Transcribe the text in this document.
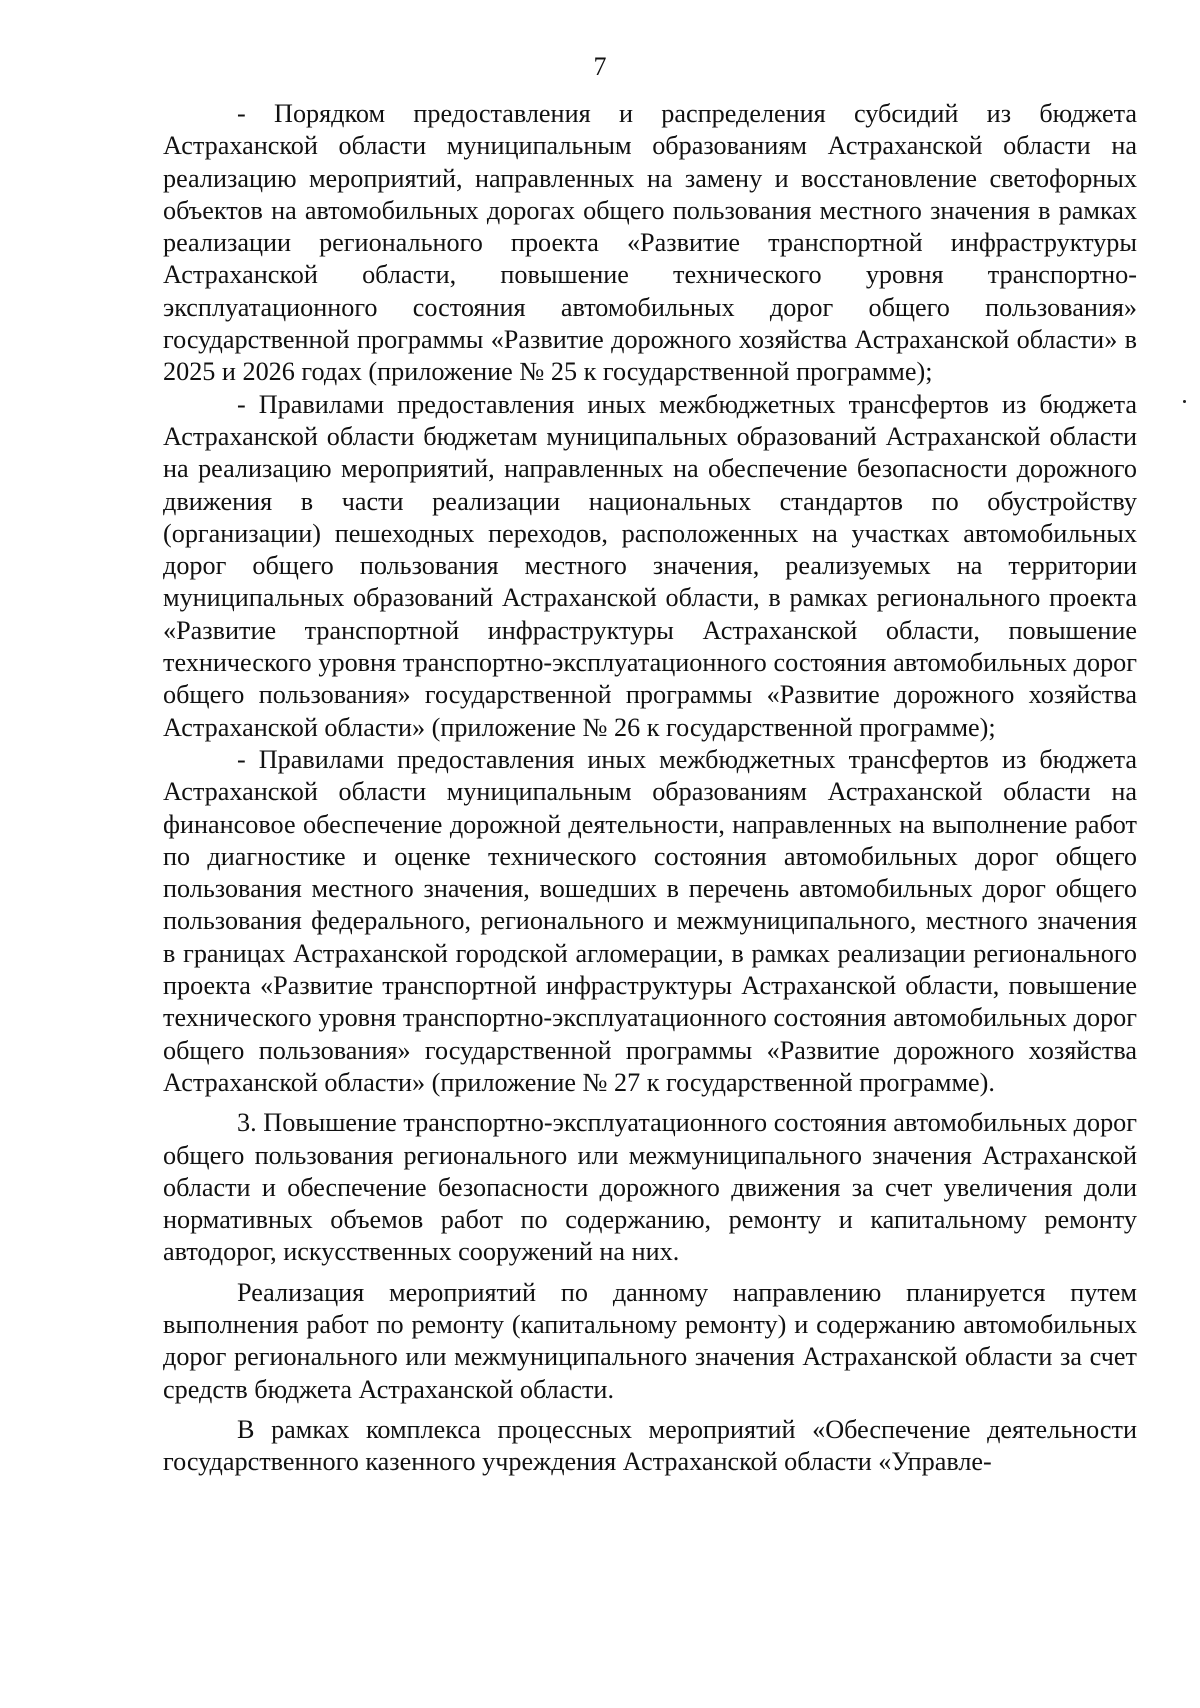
7

- Порядком предоставления и распределения субсидий из бюджета Астраханской области муниципальным образованиям Астраханской области на реализацию мероприятий, направленных на замену и восстановление светофорных объектов на автомобильных дорогах общего пользования местного значения в рамках реализации регионального проекта «Развитие транспортной инфраструктуры Астраханской области, повышение технического уровня транспортно-эксплуатационного состояния автомобильных дорог общего пользования» государственной программы «Развитие дорожного хозяйства Астраханской области» в 2025 и 2026 годах (приложение № 25 к государственной программе);

- Правилами предоставления иных межбюджетных трансфертов из бюджета Астраханской области бюджетам муниципальных образований Астраханской области на реализацию мероприятий, направленных на обеспечение безопасности дорожного движения в части реализации национальных стандартов по обустройству (организации) пешеходных переходов, расположенных на участках автомобильных дорог общего пользования местного значения, реализуемых на территории муниципальных образований Астраханской области, в рамках регионального проекта «Развитие транспортной инфраструктуры Астраханской области, повышение технического уровня транспортно-эксплуатационного состояния автомобильных дорог общего пользования» государственной программы «Развитие дорожного хозяйства Астраханской области» (приложение № 26 к государственной программе);

- Правилами предоставления иных межбюджетных трансфертов из бюджета Астраханской области муниципальным образованиям Астраханской области на финансовое обеспечение дорожной деятельности, направленных на выполнение работ по диагностике и оценке технического состояния автомобильных дорог общего пользования местного значения, вошедших в перечень автомобильных дорог общего пользования федерального, регионального и межмуниципального, местного значения в границах Астраханской городской агломерации, в рамках реализации регионального проекта «Развитие транспортной инфраструктуры Астраханской области, повышение технического уровня транспортно-эксплуатационного состояния автомобильных дорог общего пользования» государственной программы «Развитие дорожного хозяйства Астраханской области» (приложение № 27 к государственной программе).

3. Повышение транспортно-эксплуатационного состояния автомобильных дорог общего пользования регионального или межмуниципального значения Астраханской области и обеспечение безопасности дорожного движения за счет увеличения доли нормативных объемов работ по содержанию, ремонту и капитальному ремонту автодорог, искусственных сооружений на них.

Реализация мероприятий по данному направлению планируется путем выполнения работ по ремонту (капитальному ремонту) и содержанию автомобильных дорог регионального или межмуниципального значения Астраханской области за счет средств бюджета Астраханской области.

В рамках комплекса процессных мероприятий «Обеспечение деятельности государственного казенного учреждения Астраханской области «Управле-
